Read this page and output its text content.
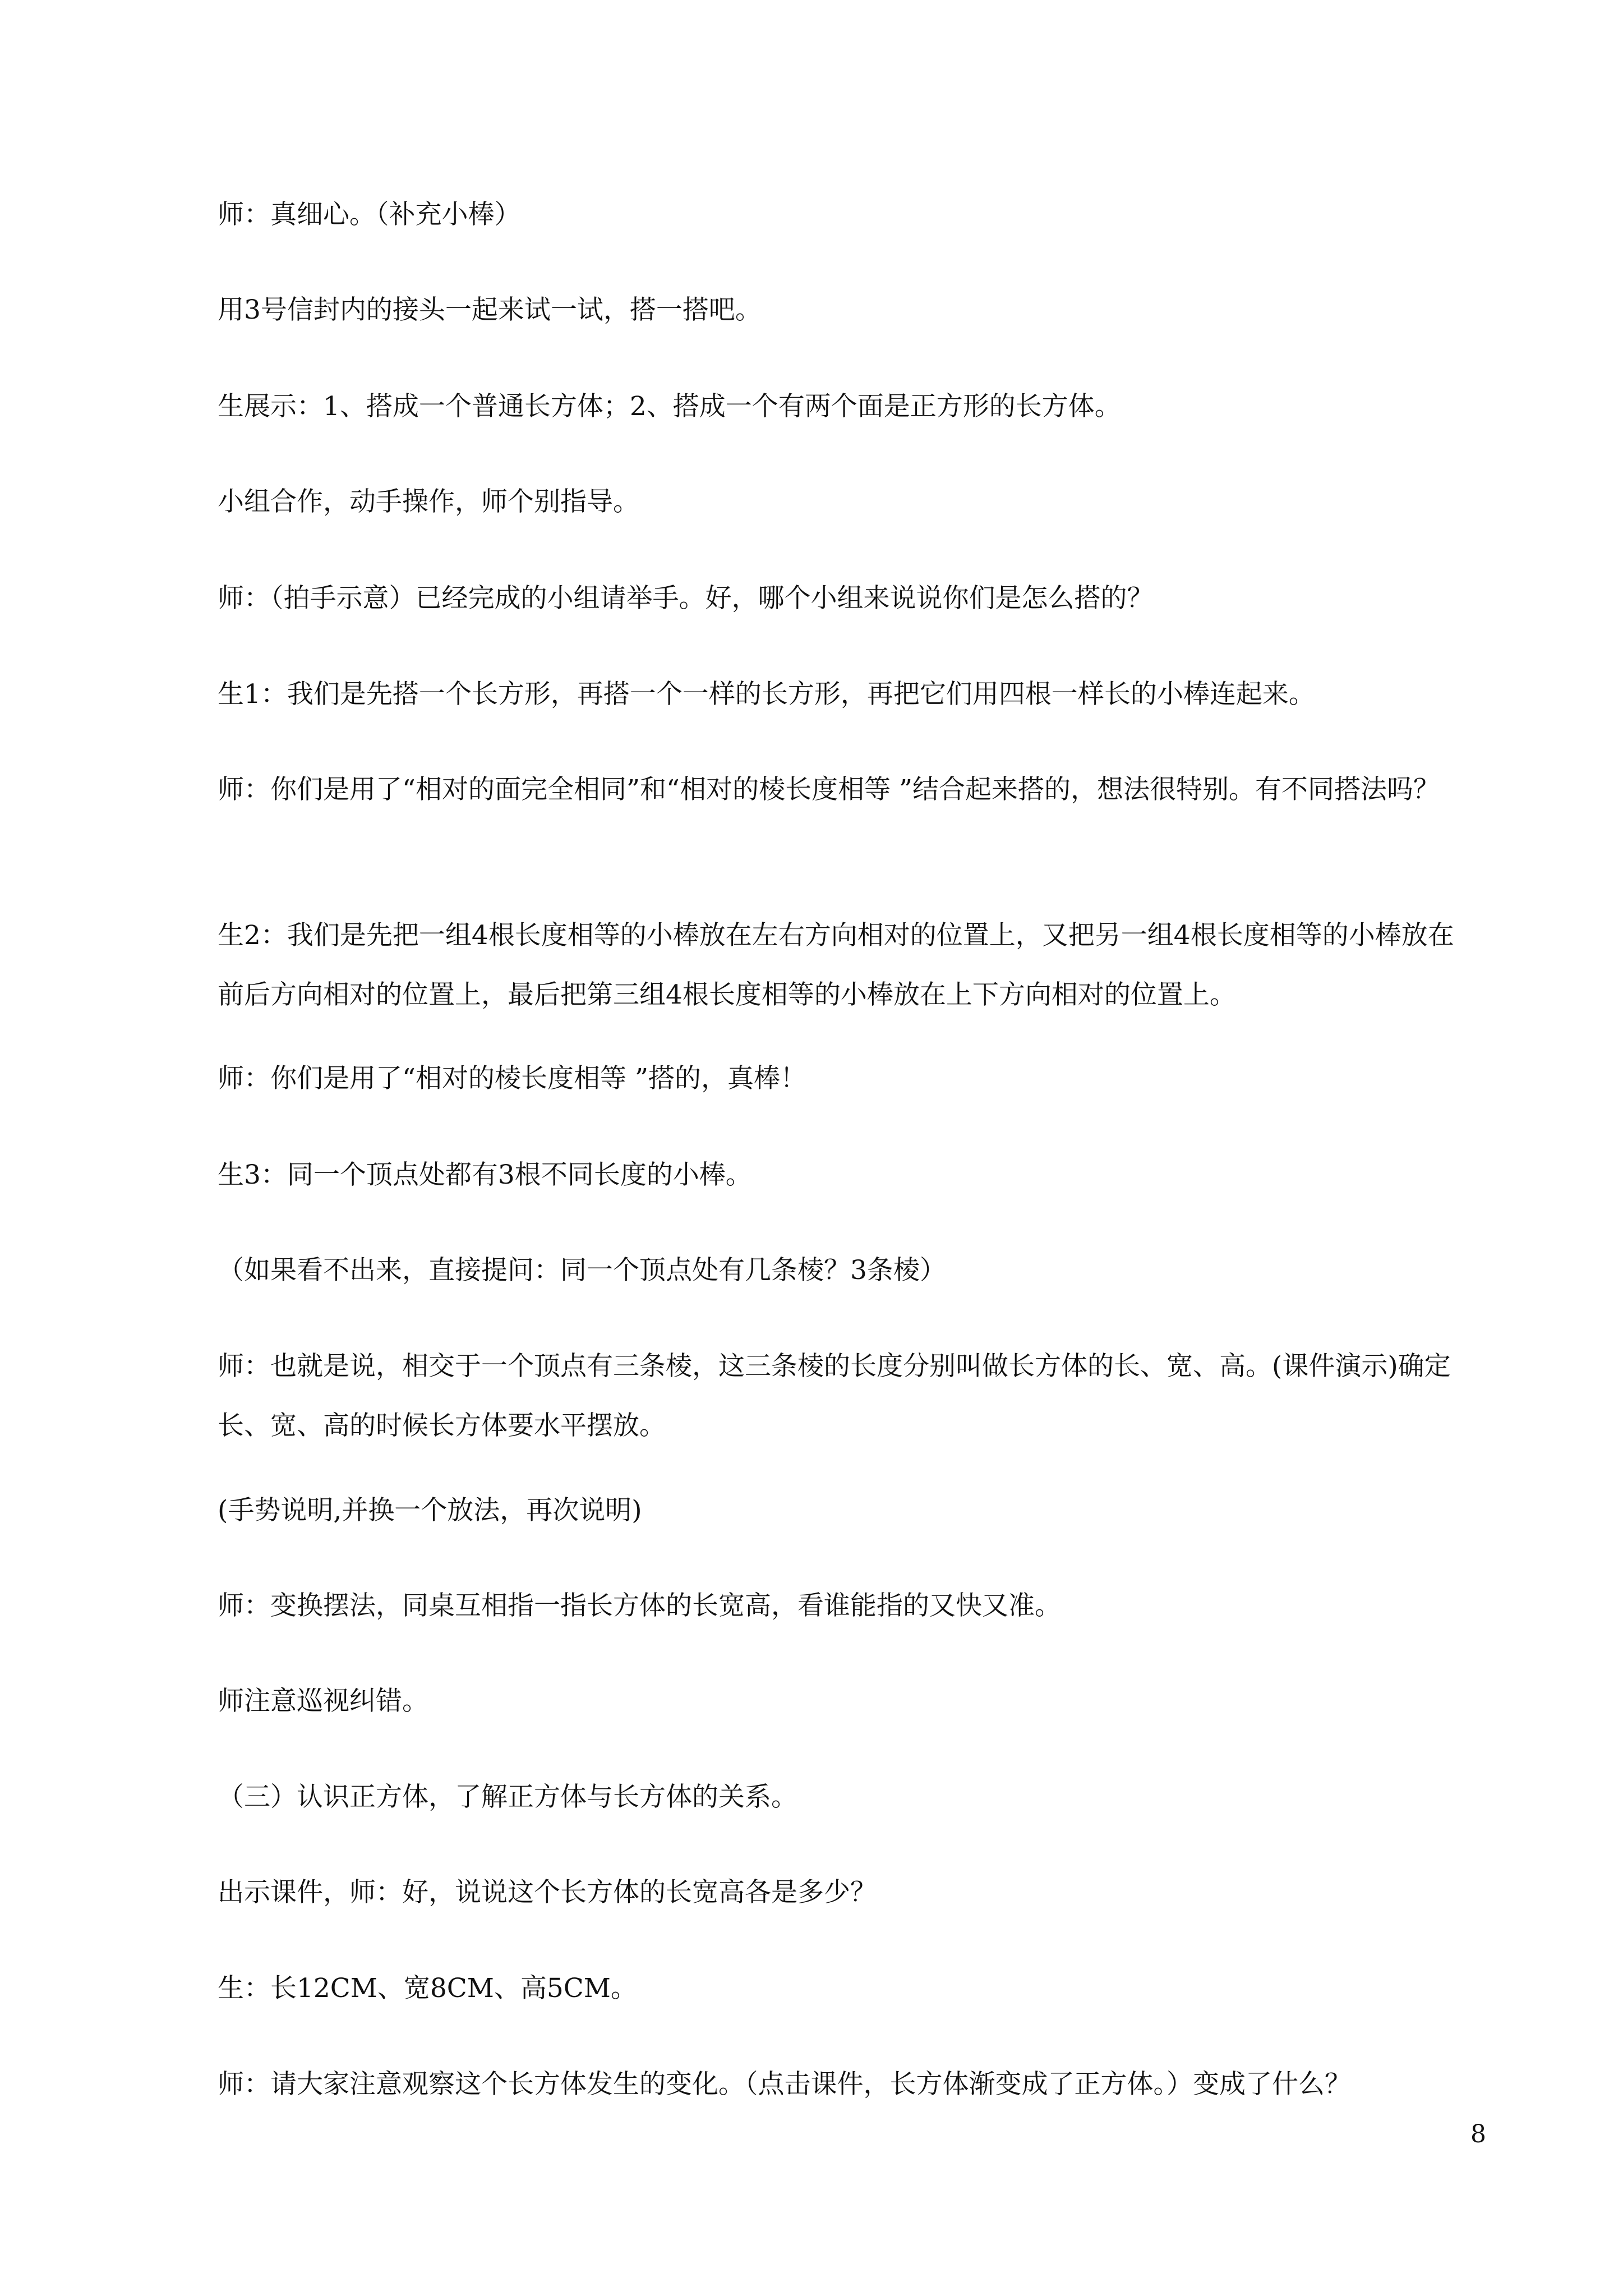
师：真细心。（补充小棒）

用3号信封内的接头一起来试一试，搭一搭吧。

生展示：1、搭成一个普通长方体；2、搭成一个有两个面是正方形的长方体。

小组合作，动手操作，师个别指导。

师：（拍手示意）已经完成的小组请举手。好，哪个小组来说说你们是怎么搭的？

生1：我们是先搭一个长方形，再搭一个一样的长方形，再把它们用四根一样长的小棒连起来。

师：你们是用了“相对的面完全相同”和“相对的棱长度相等 ”结合起来搭的，想法很特别。有不同搭法吗？

生2：我们是先把一组4根长度相等的小棒放在左右方向相对的位置上，又把另一组4根长度相等的小棒放在前后方向相对的位置上，最后把第三组4根长度相等的小棒放在上下方向相对的位置上。

师：你们是用了“相对的棱长度相等 ”搭的，真棒！

生3：同一个顶点处都有3根不同长度的小棒。

（如果看不出来，直接提问：同一个顶点处有几条棱？3条棱）

师：也就是说，相交于一个顶点有三条棱，这三条棱的长度分别叫做长方体的长、宽、高。(课件演示)确定长、宽、高的时候长方体要水平摆放。

(手势说明,并换一个放法，再次说明)

师：变换摆法，同桌互相指一指长方体的长宽高，看谁能指的又快又准。

师注意巡视纠错。

（三）认识正方体，了解正方体与长方体的关系。

出示课件，师：好，说说这个长方体的长宽高各是多少？

生：长12CM、宽8CM、高5CM。

师：请大家注意观察这个长方体发生的变化。（点击课件，长方体渐变成了正方体。）变成了什么？

8
